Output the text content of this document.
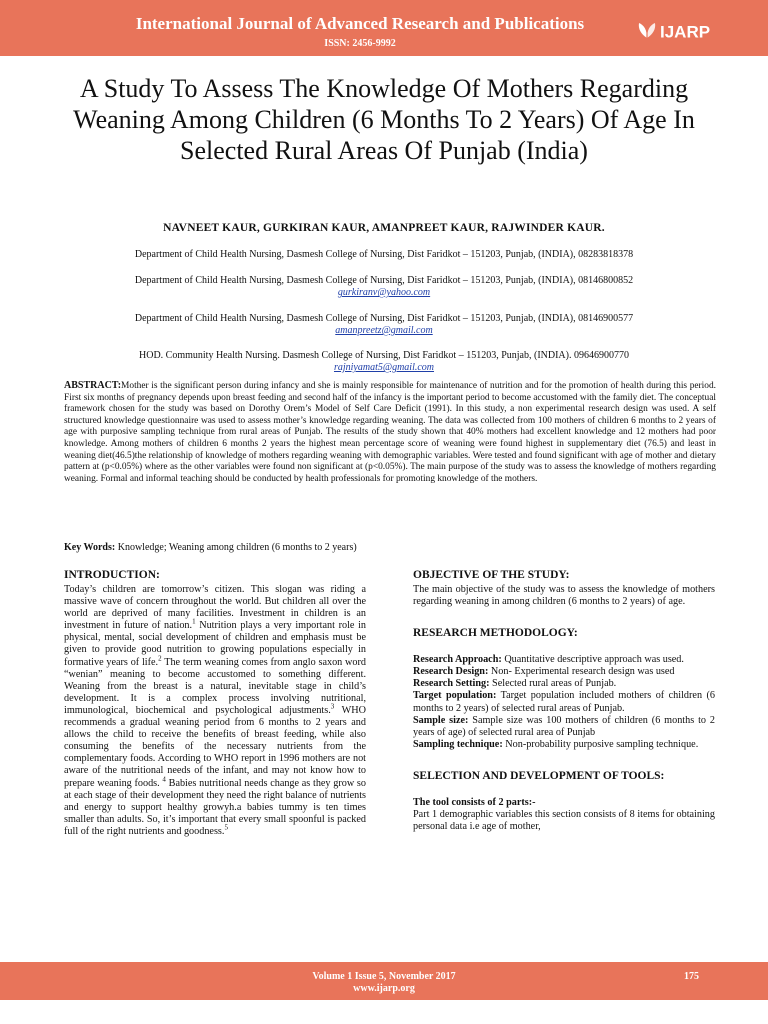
International Journal of Advanced Research and Publications
ISSN: 2456-9992
IJARP
A Study To Assess The Knowledge Of Mothers Regarding Weaning Among Children (6 Months To 2 Years) Of Age In Selected Rural Areas Of Punjab (India)
NAVNEET KAUR, GURKIRAN KAUR, AMANPREET KAUR, RAJWINDER KAUR.
Department of Child Health Nursing, Dasmesh College of Nursing, Dist Faridkot – 151203, Punjab, (INDIA), 08283818378
Department of Child Health Nursing, Dasmesh College of Nursing, Dist Faridkot – 151203, Punjab, (INDIA), 08146800852
gurkiranv@yahoo.com
Department of Child Health Nursing, Dasmesh College of Nursing, Dist Faridkot – 151203, Punjab, (INDIA), 08146900577
amanpreetz@gmail.com
HOD. Community Health Nursing. Dasmesh College of Nursing, Dist Faridkot – 151203, Punjab, (INDIA). 09646900770
rajniyamat5@gmail.com
ABSTRACT:Mother is the significant person during infancy and she is mainly responsible for maintenance of nutrition and for the promotion of health during this period. First six months of pregnancy depends upon breast feeding and second half of the infancy is the important period to become accustomed with the family diet. The conceptual framework chosen for the study was based on Dorothy Orem’s Model of Self Care Deficit (1991). In this study, a non experimental research design was used. A self structured knowledge questionnaire was used to assess mother’s knowledge regarding weaning. The data was collected from 100 mothers of children 6 months to 2 years of age with purposive sampling technique from rural areas of Punjab. The results of the study shown that 40% mothers had excellent knowledge and 12 mothers had poor knowledge. Among mothers of children 6 months 2 years the highest mean percentage score of weaning were found highest in supplementary diet (76.5) and least in weaning diet(46.5)the relationship of knowledge of mothers regarding weaning with demographic variables. Were tested and found significant with age of mother and dietary pattern at (p<0.05%) where as the other variables were found non significant at (p<0.05%). The main purpose of the study was to assess the knowledge of mothers regarding weaning. Formal and informal teaching should be conducted by health professionals for promoting knowledge of the mothers.
Key Words: Knowledge; Weaning among children (6 months to 2 years)
INTRODUCTION:

Today’s children are tomorrow’s citizen. This slogan was riding a massive wave of concern throughout the world. But children all over the world are deprived of many facilities. Investment in children is an investment in future of nation.$^1$ Nutrition plays a very important role in physical, mental, social development of children and emphasis must be given to provide good nutrition to growing populations especially in formative years of life.$^2$ The term weaning comes from anglo saxon word “wenian” meaning to become accustomed to something different. Weaning from the breast is a natural, inevitable stage in child’s development. It is a complex process involving nutritional, immunological, biochemical and psychological adjustments.$^3$ WHO recommends a gradual weaning period from 6 months to 2 years and allows the child to receive the benefits of breast feeding, while also consuming the benefits of the necessary nutrients from the complementary foods. According to WHO report in 1996 mothers are not aware of the nutritional needs of the infant, and may not know how to prepare weaning foods. $^4$ Babies nutritional needs change as they grow so at each stage of their development they need the right balance of nutrients and energy to support healthy growyh.a babies tummy is ten times smaller than adults. So, it’s important that every small spoonful is packed full of the right nutrients and goodness.$^5$

OBJECTIVE OF THE STUDY:

The main objective of the study was to assess the knowledge of mothers regarding weaning in among children (6 months to 2 years) of age.

RESEARCH METHODOLOGY:

Research Approach: Quantitative descriptive approach was used.

Research Design: Non- Experimental research design was used

Research Setting: Selected rural areas of Punjab.

Target population: Target population included mothers of children (6 months to 2 years) of selected rural areas of Punjab.

Sample size: Sample size was 100 mothers of children (6 months to 2 years of age) of selected rural area of Punjab

Sampling technique: Non-probability purposive sampling technique.

SELECTION AND DEVELOPMENT OF TOOLS:

The tool consists of 2 parts:-

Part 1 demographic variables this section consists of 8 items for obtaining personal data i.e age of mother,

Volume 1 Issue 5, November 2017	175
www.ijarp.org
